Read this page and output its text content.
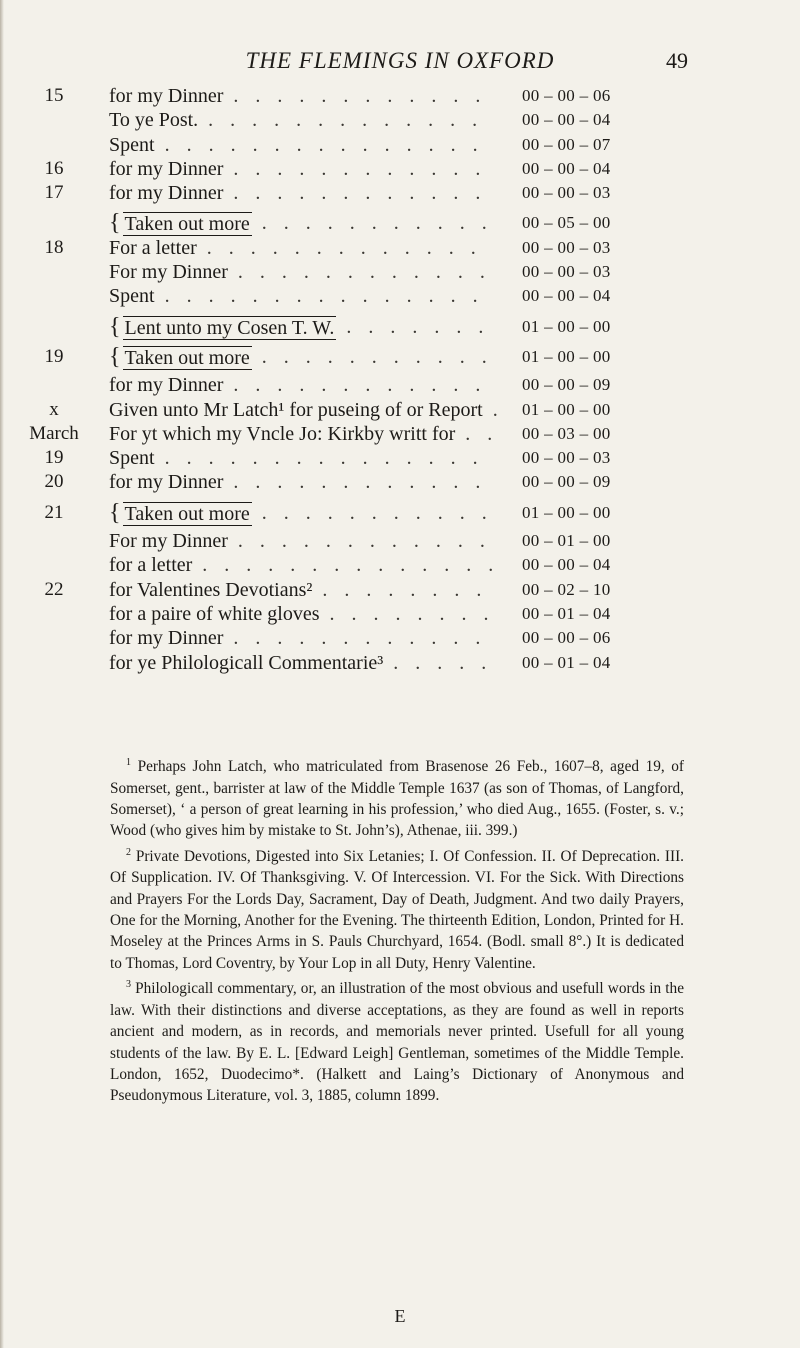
THE FLEMINGS IN OXFORD	49
15	for my Dinner ............	00 – 00 – 06
To ye Post. .............	00 – 00 – 04
Spent ...............	00 – 00 – 07
16	for my Dinner ............	00 – 00 – 04
17	for my Dinner ............	00 – 00 – 03
{ Taken out more ...........	00 – 05 – 00
18	For a letter .............	00 – 00 – 03
For my Dinner ............	00 – 00 – 03
Spent ...............	00 – 00 – 04
{ Lent unto my Cosen T. W. .......	01 – 00 – 00
19	{ Taken out more ...........	01 – 00 – 00
for my Dinner ............	00 – 00 – 09
x	Given unto Mr Latch¹ for puseing of or Report . 01 – 00 – 00
March	For yt which my Vncle Jo: Kirkby writt for .. 00 – 03 – 00
19	Spent ...............	00 – 00 – 03
20	for my Dinner ............	00 – 00 – 09
21	{ Taken out more ...........	01 – 00 – 00
For my Dinner ............	00 – 01 – 00
for a letter .............. 00 – 00 – 04
22	for Valentines Devotians² ........	00 – 02 – 10
for a paire of white gloves ........ 00 – 01 – 04
for my Dinner ............	00 – 00 – 06
for ye Philologicall Commentarie³ .....	00 – 01 – 04

$^1$ Perhaps John Latch, who matriculated from Brasenose 26 Feb., 1607–8, aged 19, of Somerset, gent., barrister at law of the Middle Temple 1637 (as son of Thomas, of Langford, Somerset), ‘ a person of great learning in his profession,’ who died Aug., 1655. (Foster, s. v.; Wood (who gives him by mistake to St. John’s), Athenae, iii. 399.)

$^2$ Private Devotions, Digested into Six Letanies; I. Of Confession. II. Of Deprecation. III. Of Supplication. IV. Of Thanksgiving. V. Of Intercession. VI. For the Sick. With Directions and Prayers For the Lords Day, Sacrament, Day of Death, Judgment. And two daily Prayers, One for the Morning, Another for the Evening. The thirteenth Edition, London, Printed for H. Moseley at the Princes Arms in S. Pauls Churchyard, 1654. (Bodl. small 8°.) It is dedicated to Thomas, Lord Coventry, by Your Lop in all Duty, Henry Valentine.

$^3$ Philologicall commentary, or, an illustration of the most obvious and usefull words in the law. With their distinctions and diverse acceptations, as they are found as well in reports ancient and modern, as in records, and memorials never printed. Usefull for all young students of the law. By E. L. [Edward Leigh] Gentleman, sometimes of the Middle Temple. London, 1652, Duodecimo*. (Halkett and Laing’s Dictionary of Anonymous and Pseudonymous Literature, vol. 3, 1885, column 1899.

E
